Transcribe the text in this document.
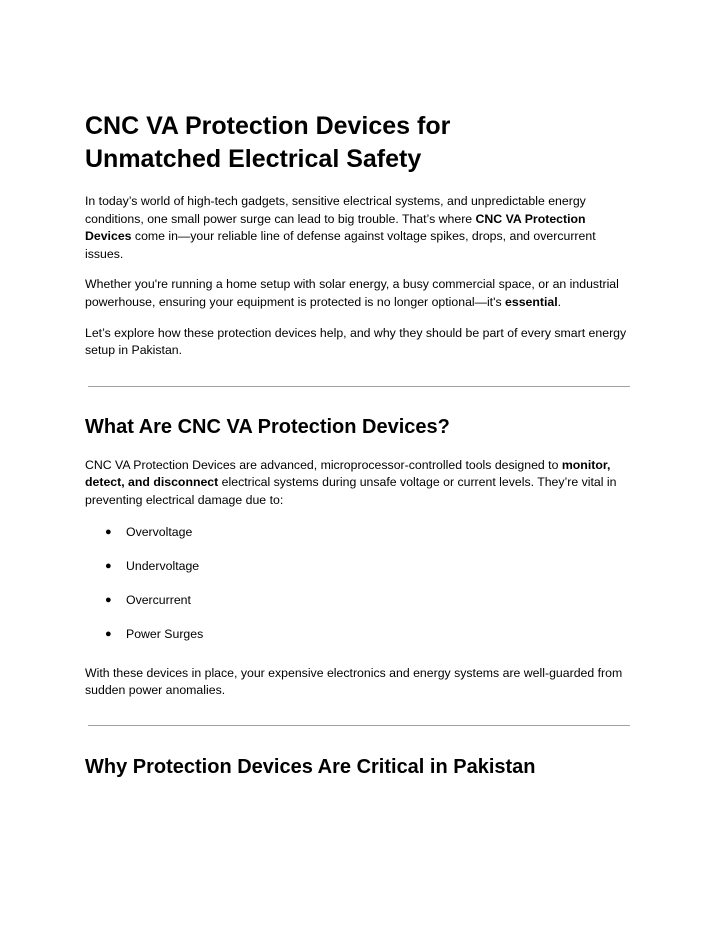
CNC VA Protection Devices for
Unmatched Electrical Safety

In today’s world of high-tech gadgets, sensitive electrical systems, and unpredictable energy conditions, one small power surge can lead to big trouble. That’s where CNC VA Protection Devices come in—your reliable line of defense against voltage spikes, drops, and overcurrent issues.

Whether you're running a home setup with solar energy, a busy commercial space, or an industrial powerhouse, ensuring your equipment is protected is no longer optional—it's essential.

Let’s explore how these protection devices help, and why they should be part of every smart energy setup in Pakistan.

What Are CNC VA Protection Devices?

CNC VA Protection Devices are advanced, microprocessor-controlled tools designed to monitor, detect, and disconnect electrical systems during unsafe voltage or current levels. They’re vital in preventing electrical damage due to:

● Overvoltage
● Undervoltage
● Overcurrent
● Power Surges

With these devices in place, your expensive electronics and energy systems are well-guarded from sudden power anomalies.

Why Protection Devices Are Critical in Pakistan
